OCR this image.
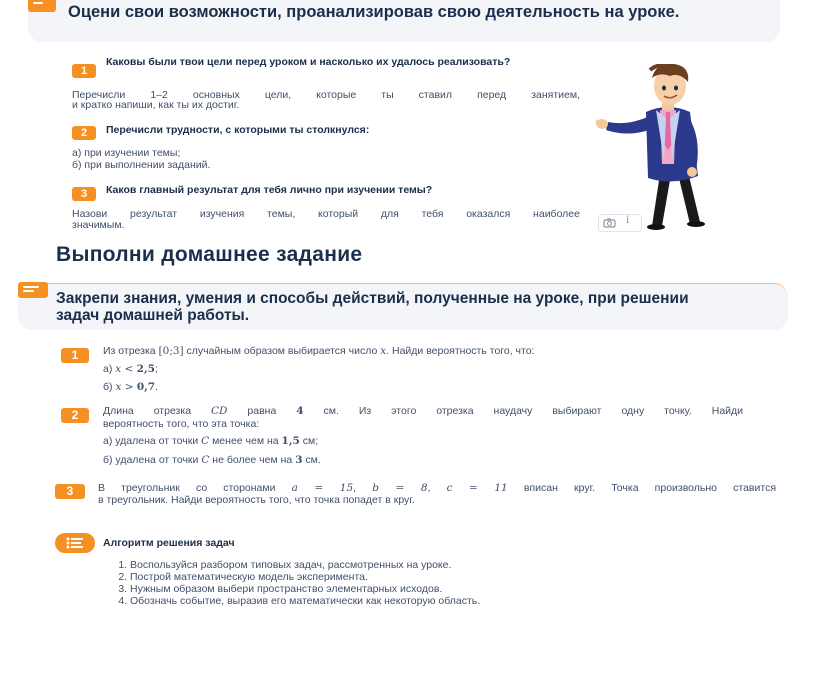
Оцени свои возможности, проанализировав свою деятельность на уроке.
1
Каковы были твои цели перед уроком и насколько их удалось реализовать?
Перечисли 1–2 основных цели, которые ты ставил перед занятием,
и кратко напиши, как ты их достиг.
2	Перечисли трудности, с которыми ты столкнулся:
а) при изучении темы;
б) при выполнении заданий.
3	Каков главный результат для тебя лично при изучении темы?
Назови результат изучения темы, который для тебя оказался наиболее
значимым.	i
Выполни домашнее задание
Закрепи знания, умения и способы действий, полученные на уроке, при решении задач домашней работы.
1	Из отрезка [0;3] случайным образом выбирается число x. Найди вероятность того, что:
а) x < 2,5;
б) x > 0,7.
2	Длина отрезка CD равна 4 см. Из этого отрезка наудачу выбирают одну точку. Найди
вероятность того, что эта точка:
а) удалена от точки C менее чем на 1,5 см;
б) удалена от точки C не более чем на 3 см.
3	В треугольник со сторонами a = 15, b = 8, c = 11 вписан круг. Точка произвольно ставится
в треугольник. Найди вероятность того, что точка попадет в круг.
Алгоритм решения задач
1. Воспользуйся разбором типовых задач, рассмотренных на уроке.
2. Построй математическую модель эксперимента.
3. Нужным образом выбери пространство элементарных исходов.
4. Обозначь событие, выразив его математически как некоторую область.
